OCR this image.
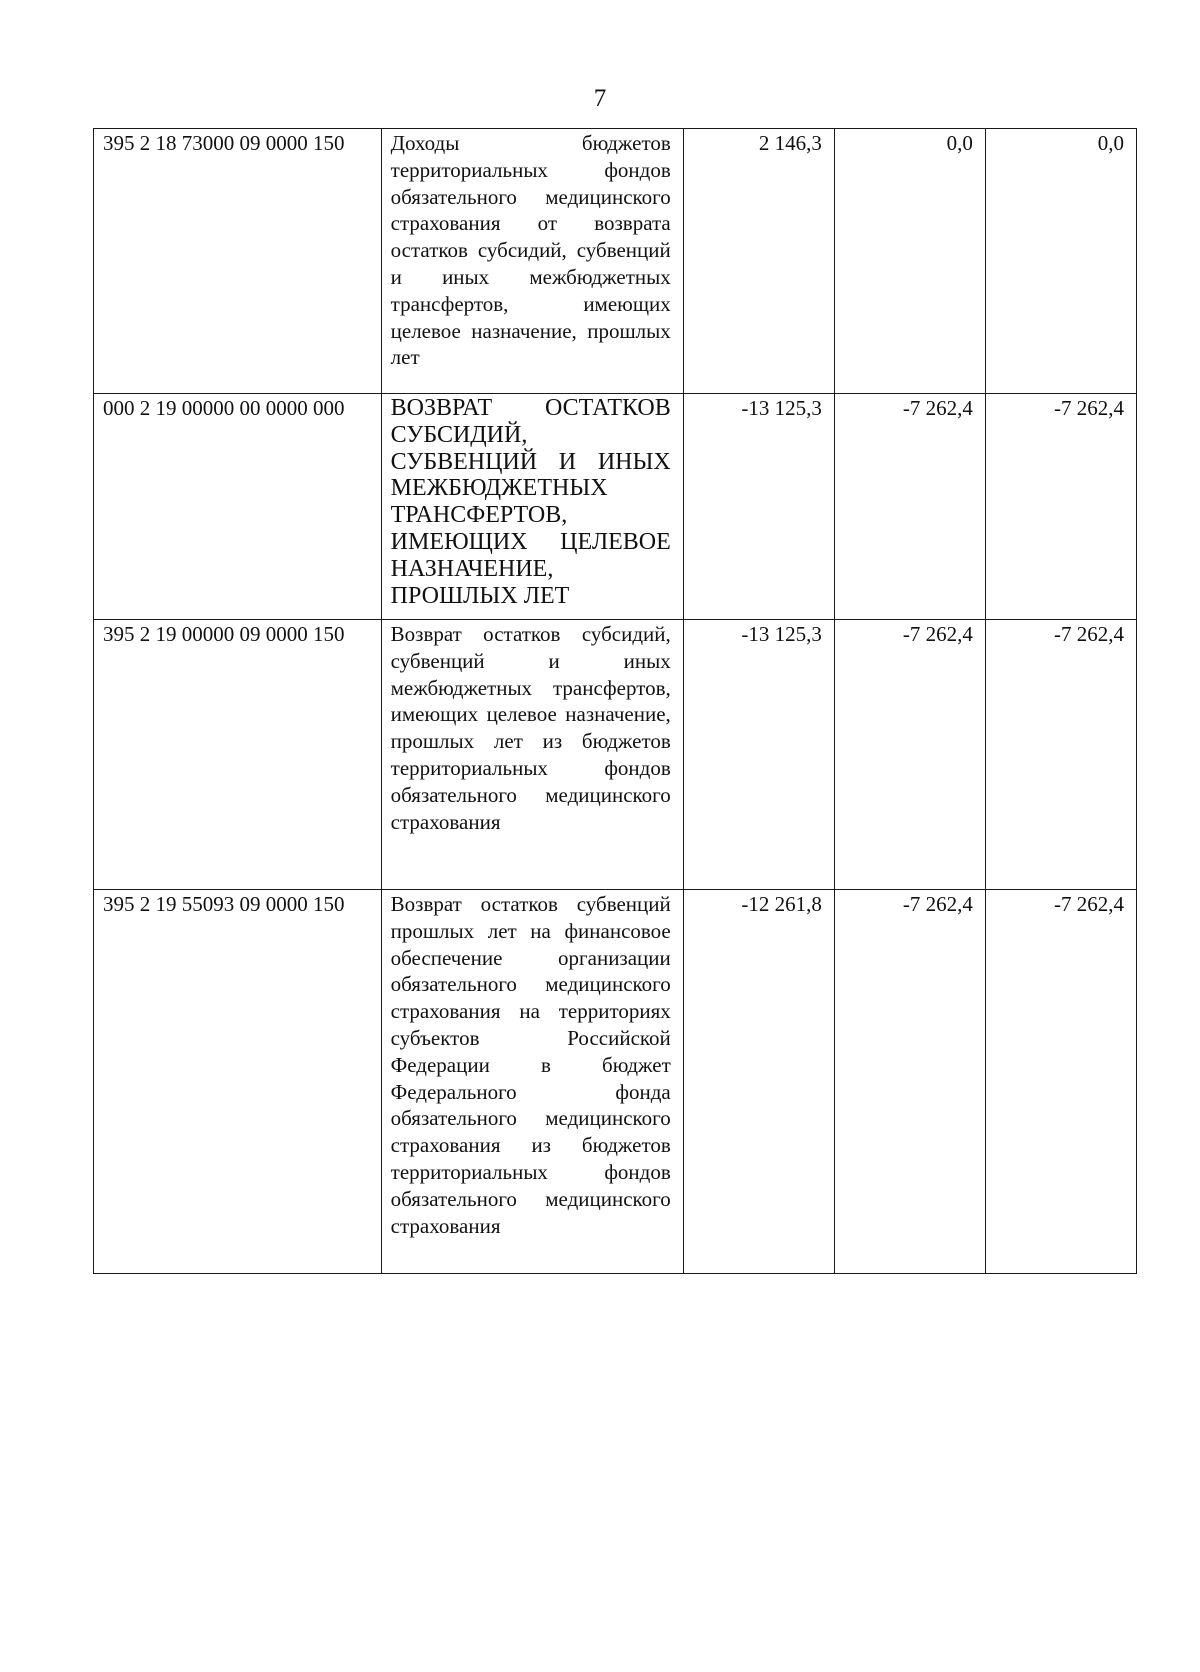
7
395 2 18 73000 09 0000 150	Доходы бюджетов территориальных фондов обязательного медицинского страхования от возврата остатков субсидий, субвенций и иных межбюджетных трансфертов, имеющих целевое назначение, прошлых лет	2 146,3	0,0	0,0
000 2 19 00000 00 0000 000	ВОЗВРАТ ОСТАТКОВ СУБСИДИЙ, СУБВЕНЦИЙ И ИНЫХ МЕЖБЮДЖЕТНЫХ ТРАНСФЕРТОВ, ИМЕЮЩИХ ЦЕЛЕВОЕ НАЗНАЧЕНИЕ, ПРОШЛЫХ ЛЕТ	-13 125,3	-7 262,4	-7 262,4
395 2 19 00000 09 0000 150	Возврат остатков субсидий, субвенций и иных межбюджетных трансфертов, имеющих целевое назначение, прошлых лет из бюджетов территориальных фондов обязательного медицинского страхования	-13 125,3	-7 262,4	-7 262,4
395 2 19 55093 09 0000 150	Возврат остатков субвенций прошлых лет на финансовое обеспечение организации обязательного медицинского страхования на территориях субъектов Российской Федерации в бюджет Федерального фонда обязательного медицинского страхования из бюджетов территориальных фондов обязательного медицинского страхования	-12 261,8	-7 262,4	-7 262,4
